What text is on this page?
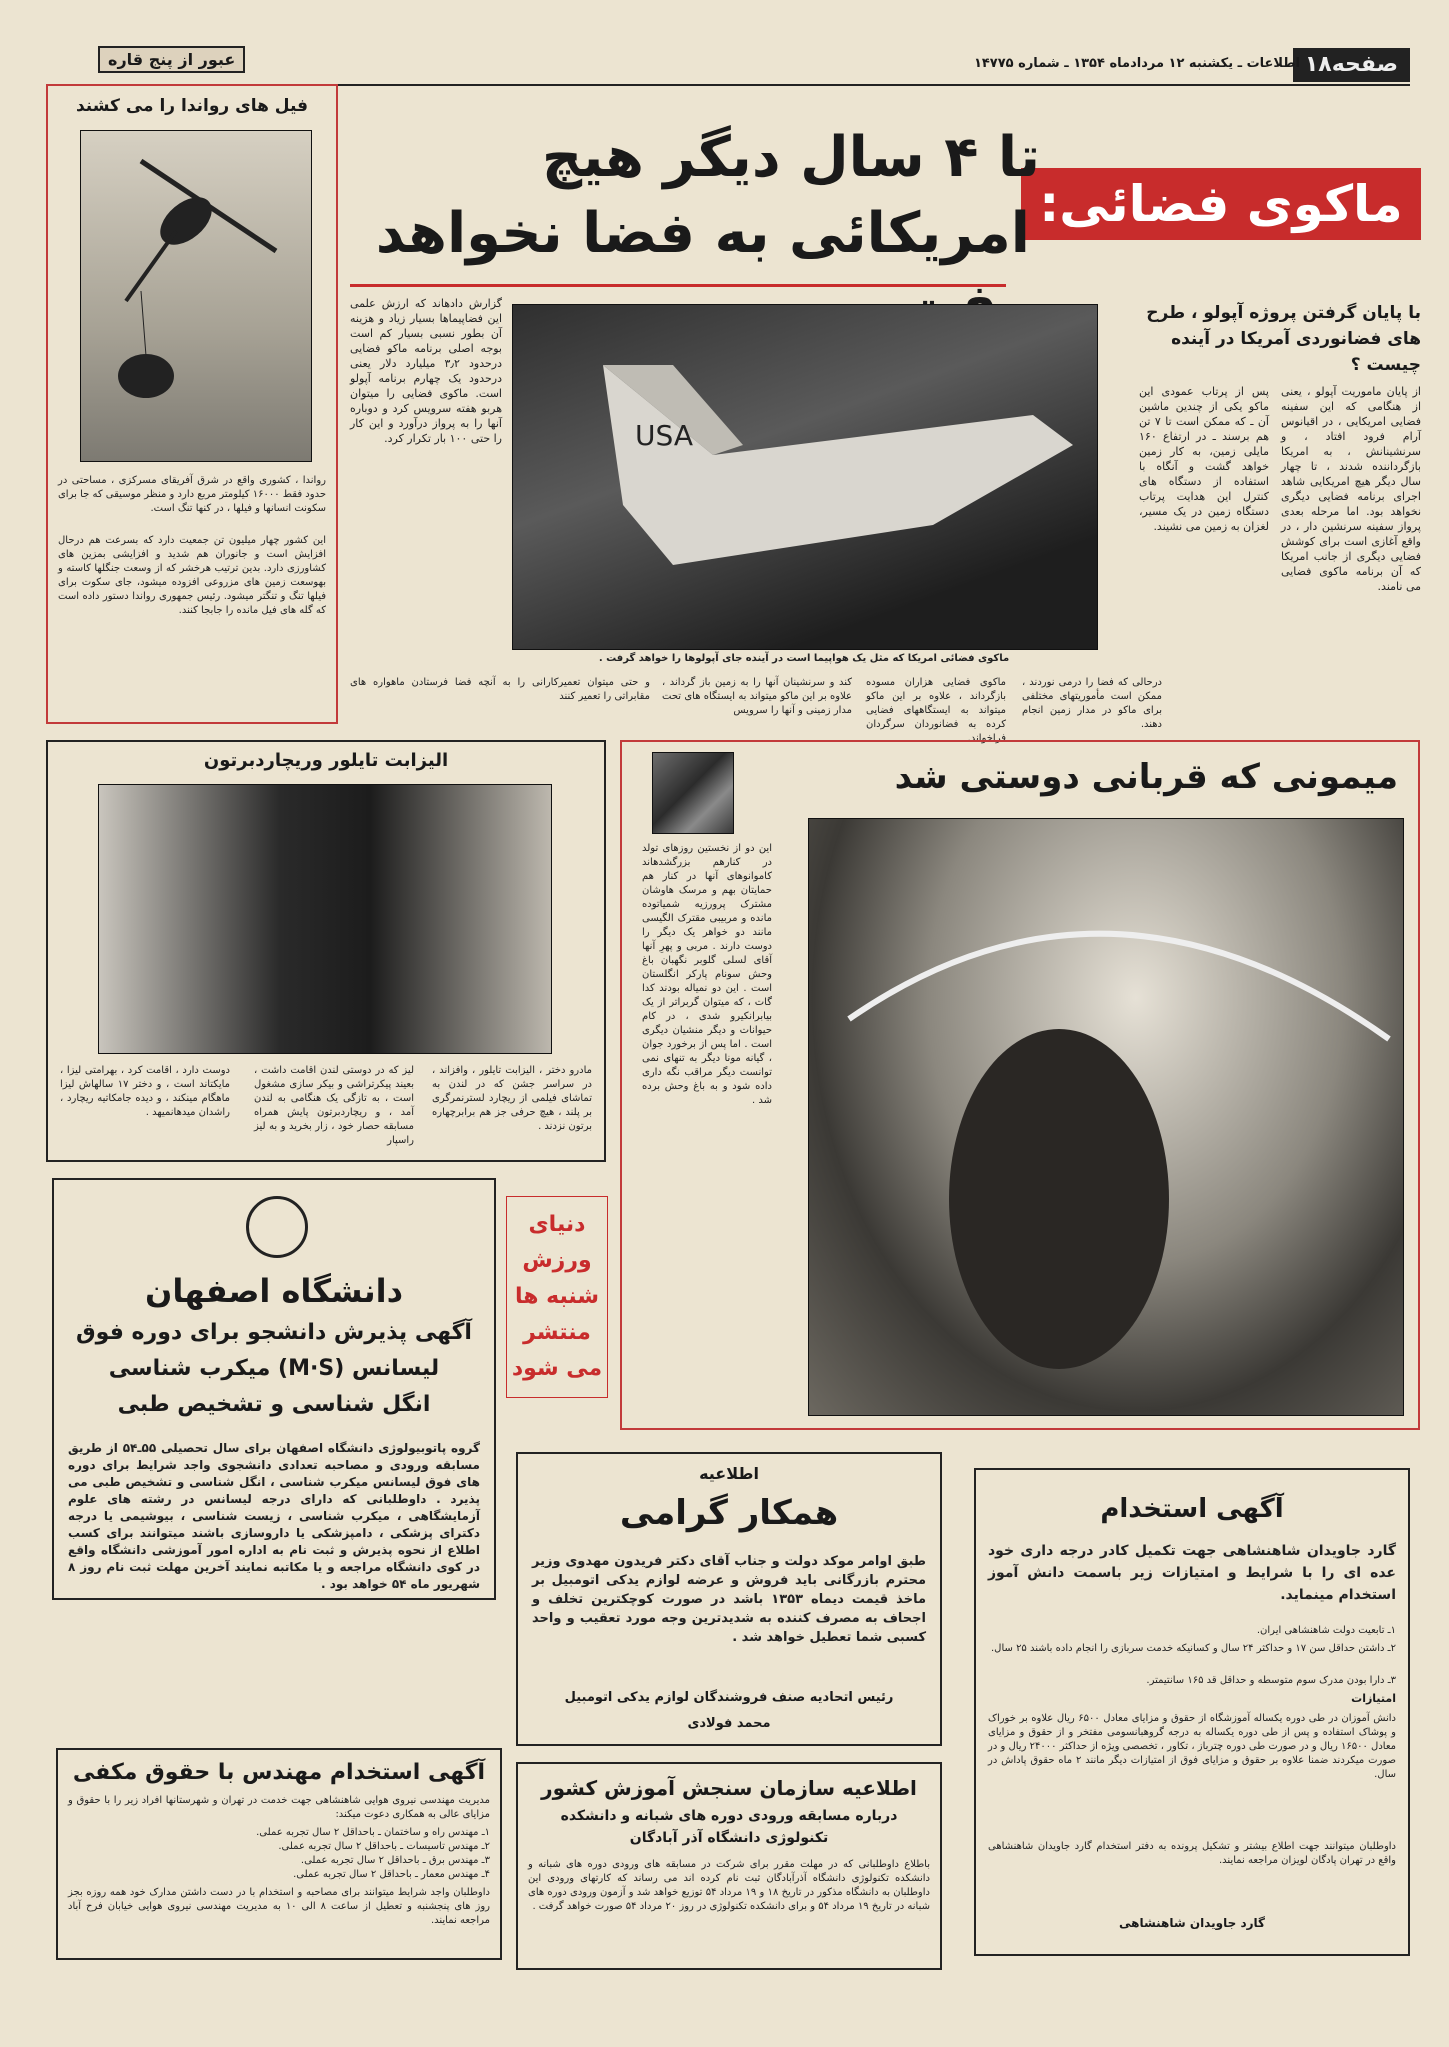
صفحه۱۸
اطلاعات ـ یکشنبه ۱۲ مردادماه ۱۳۵۴ ـ شماره ۱۴۷۷۵
عبور از پنج قاره
فیل های رواندا را می کشند
رواندا ، کشوری واقع در شرق آفریقای مسرکزی ، مساحتی در حدود فقط ۱۶۰۰۰ کیلومتر مربع دارد و منظر موسیقی که جا برای سکونت انسانها و فیلها ، در کنها تنگ است.
این کشور چهار میلیون تن جمعیت دارد که بسرعت هم درحال افزایش است و جانوران هم شدید و افزایشی بمزین های کشاورزی دارد. بدین ترتیب هرخشر که از وسعت جنگلها کاسته و بهوسعت زمین های مزروعی افزوده میشود، جای سکوت برای فیلها تنگ و تنگتر میشود. رئیس جمهوری رواندا دستور داده است که گله های فیل مانده را جابجا کنند.
ماکوی فضائی:
تا ۴ سال دیگر هیچ
امریکائی به فضا نخواهد
با پایان گرفتن پروژه آپولو ، طرح های فضانوردی آمریکا در آینده چیست ؟
USA
ماکوی فضائی امریکا که مثل یک هواپیما است در آینده جای آپولوها را خواهد گرفت .
از پایان ماموریت آپولو ، یعنی از هنگامی که این سفینه فضایی امریکایی ، در اقیانوس آرام فرود افتاد ، و سرنشینانش ، به امریکا بازگرداننده شدند ، تا چهار سال دیگر هیچ امریکایی شاهد اجرای برنامه فضایی دیگری نخواهد بود. اما مرحله بعدی پرواز سفینه سرنشین دار ، در واقع آغازی است برای کوشش فضایی دیگری از جانب امریکا که آن برنامه ماکوی فضایی می نامند.
پس از پرتاب عمودی این ماکو یکی از چندین ماشین آن ـ که ممکن است تا ۷ تن هم برسند ـ در ارتفاع ۱۶۰ مایلی زمین، به کار زمین خواهد گشت و آنگاه با استفاده از دستگاه های کنترل این هدایت پرتاب دستگاه زمین در یک مسیر، لغزان به زمین می نشیند.
گزارش دادهاند که ارزش علمی این فضاپیماها بسیار زیاد و هزینه آن بطور نسبی بسیار کم است بوجه اصلی برنامه ماکو فضایی درحدود ۳٫۲ میلیارد دلار یعنی درحدود یک چهارم برنامه آپولو است. ماکوی فضایی را میتوان هربو هفته سرویس کرد و دوباره آنها را به پرواز درآورد و این کار را حتی ۱۰۰ بار تکرار کرد.
درحالی که فضا را درمی نوردند ، ممکن است مأموریتهای مختلفی برای ماکو در مدار زمین انجام دهند.
ماکوی فضایی هزاران مسوده بازگرداند ، علاوه بر این ماکو میتواند به ایستگاههای فضایی کرده به فضانوردان سرگردان فراخواند.
کند و سرنشینان آنها را به زمین باز گرداند ، علاوه بر این ماکو میتواند به ایستگاه های تحت مدار زمینی و آنها را سرویس
و حتی میتوان تعمیرکارانی را به آنچه فضا فرستادن ماهواره های مقابراتی را تعمیر کنند
الیزابت تایلور وریچاردبرتون
مادرو دختر ، الیزابت تایلور ، وافزاند ، در سراسر جشن که در لندن به تماشای فیلمی از ریچارد لسترنمرگری بر پلند ، هیچ حرفی جز هم برابرچهاره برتون نزدند .
لیز که در دوستی لندن اقامت داشت ، بعیند پیکرتراشی و بیکر سازی مشغول است ، به تازگی یک هنگامی به لندن آمد ، و ریچاردبرتون پایش همراه مسابقه حصار خود ، زار بخرید و به لیز راسپار
دوست دارد ، اقامت کرد ، بهرامتی لیزا ، مایکتاند است ، و دختر ۱۷ سالهاش لیزا ماهگام مینکند ، و دیده جامکاتیه ریچارد ، راشدان میدهانمیهد .
میمونی که قربانی دوستی شد
این دو از نخستین روزهای تولد در کنارهم بزرگشدهاند کاموانوهای آنها در کنار هم حمایتان بهم و مرسک هاوشان مشترک پرورزیه شمیاتوده مانده و مربیبی مقترک الگیسی مانند دو خواهر یک دیگر را دوست دارند . مربی و پهرِ آنها آقای لسلی گلوبر نگهبان باغ وحش سونام پارکر انگلستان است . این دو نمیاله بودند کدا گات ، که میتوان گربراتر از یک بیابرانکیرو شدی ، در کام حیوانات و دیگر منشیان دیگری است . اما پس از برخورد جوان ، گیانه مونا دیگر به تنهای نمی توانست دیگر مراقب نگه داری داده شود و به باغ وحش برده شد .
دانشگاه اصفهان
آگهی پذیرش دانشجو برای دوره فوق
لیسانس (M·S) میکرب شناسی
انگل شناسی و تشخیص طبی
گروه پاتوبیولوژی دانشگاه اصفهان برای سال تحصیلی ۵۵ـ۵۴ از طریق مسابقه ورودی و مصاحبه تعدادی دانشجوی واجد شرایط برای دوره های فوق لیسانس میکرب شناسی ، انگل شناسی و تشخیص طبی می پذیرد . داوطلبانی که دارای درجه لیسانس در رشته های علوم آزمایشگاهی ، میکرب شناسی ، زیست شناسی ، بیوشیمی یا درجه دکترای پزشکی ، دامپزشکی یا داروسازی باشند میتوانند برای کسب اطلاع از نحوه پذیرش و ثبت نام به اداره امور آموزشی دانشگاه واقع در کوی دانشگاه مراجعه و یا مکاتبه نمایند آخرین مهلت ثبت نام روز ۸ شهریور ماه ۵۴ خواهد بود .
دنیای ورزش شنبه ها منتشر می شود
اطلاعیه
همکار گرامی
طبق اوامر موکد دولت و جناب آقای دکتر فریدون مهدوی وزیر محترم بازرگانی باید فروش و عرضه لوازم یدکی اتومبیل بر ماخذ قیمت دیماه ۱۳۵۳ باشد در صورت کوچکترین تخلف و اجحاف به مصرف کننده به شدیدترین وجه مورد تعقیب و واحد کسبی شما تعطیل خواهد شد .
رئیس اتحادیه صنف فروشندگان لوازم یدکی اتومبیل
محمد فولادی
آگهی استخدام
گارد جاویدان شاهنشاهی جهت تکمیل کادر درجه داری خود عده ای را با شرایط و امتیازات زیر باسمت دانش آموز استخدام مینماید.
۱ـ تابعیت دولت شاهنشاهی ایران.
۲ـ داشتن حداقل سن ۱۷ و حداکثر ۲۴ سال و کسانیکه خدمت سربازی را انجام داده باشند ۲۵ سال.
۳ـ دارا بودن مدرک سوم متوسطه و حداقل قد ۱۶۵ سانتیمتر.
امتیازات
دانش آموزان در طی دوره یکساله آموزشگاه از حقوق و مزایای معادل ۶۵۰۰ ریال علاوه بر خوراک و پوشاک استفاده و پس از طی دوره یکساله به درجه گروهبانسومی مفتخر و از حقوق و مزایای معادل ۱۶۵۰۰ ریال و در صورت طی دوره چترباز ، تکاور ، تخصصی ویژه از حداکثر ۲۴۰۰۰ ریال و در صورت میکردند ضمنا علاوه بر حقوق و مزایای فوق از امتیازات دیگر مانند ۲ ماه حقوق پاداش در سال.
داوطلبان میتوانند جهت اطلاع بیشتر و تشکیل پرونده به دفتر استخدام گارد جاویدان شاهنشاهی واقع در تهران پادگان لویزان مراجعه نمایند.
گارد جاویدان شاهنشاهی
آگهی استخدام مهندس با حقوق مکفی
مدیریت مهندسی نیروی هوایی شاهنشاهی جهت خدمت در تهران و شهرستانها افراد زیر را با حقوق و مزایای عالی به همکاری دعوت میکند:
۱ـ مهندس راه و ساختمان ـ باحداقل ۲ سال تجربه عملی.
۲ـ مهندس تاسیسات ـ باحداقل ۲ سال تجربه عملی.
۳ـ مهندس برق ـ باحداقل ۲ سال تجربه عملی.
۴ـ مهندس معمار ـ باحداقل ۲ سال تجربه عملی.
داوطلبان واجد شرایط میتوانند برای مصاحبه و استخدام با در دست داشتن مدارک خود همه روزه بجز روز های پنجشنبه و تعطیل از ساعت ۸ الی ۱۰ به مدیریت مهندسی نیروی هوایی خیابان فرح آباد مراجعه نمایند.
اطلاعیه سازمان سنجش آموزش کشور
درباره مسابقه ورودی دوره های شبانه و دانشکده
تکنولوژی دانشگاه آذر آبادگان
باطلاع داوطلبانی که در مهلت مقرر برای شرکت در مسابقه های ورودی دوره های شبانه و دانشکده تکنولوژی دانشگاه آذرآبادگان ثبت نام کرده اند می رساند که کارتهای ورودی این داوطلبان به دانشگاه مذکور در تاریخ ۱۸ و ۱۹ مرداد ۵۴ توزیع خواهد شد و آزمون ورودی دوره های شبانه در تاریخ ۱۹ مرداد ۵۴ و برای دانشکده تکنولوژی در روز ۲۰ مرداد ۵۴ صورت خواهد گرفت .
